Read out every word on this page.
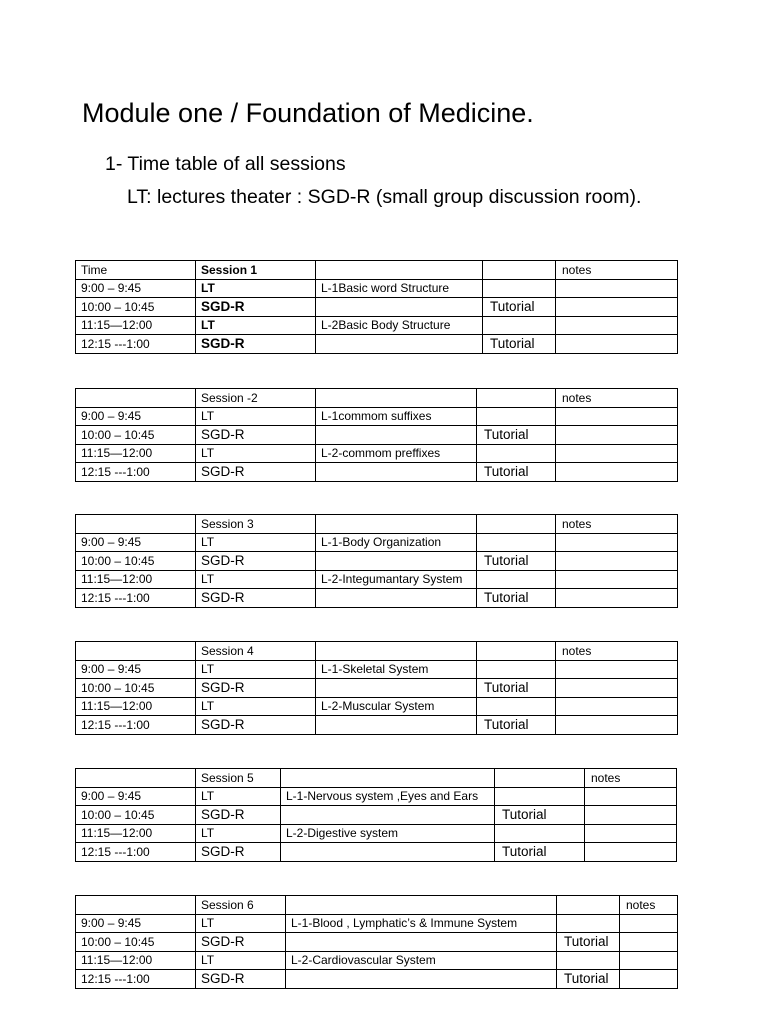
Module one / Foundation of Medicine.
1- Time table of all sessions
LT: lectures theater : SGD-R (small group discussion room).
Time	Session 1			notes
9:00 – 9:45	LT	L-1Basic word Structure		
10:00 – 10:45	SGD-R		Tutorial	
11:15—12:00	LT	L-2Basic Body Structure		
12:15 ---1:00	SGD-R		Tutorial	
	Session -2			notes
9:00 – 9:45	LT	L-1commom suffixes		
10:00 – 10:45	SGD-R		Tutorial	
11:15—12:00	LT	L-2-commom preffixes		
12:15 ---1:00	SGD-R		Tutorial	
	Session 3			notes
9:00 – 9:45	LT	L-1-Body Organization		
10:00 – 10:45	SGD-R		Tutorial	
11:15—12:00	LT	L-2-Integumantary System		
12:15 ---1:00	SGD-R		Tutorial	
	Session 4			notes
9:00 – 9:45	LT	L-1-Skeletal System		
10:00 – 10:45	SGD-R		Tutorial	
11:15—12:00	LT	L-2-Muscular System		
12:15 ---1:00	SGD-R		Tutorial	
	Session 5			notes
9:00 – 9:45	LT	L-1-Nervous system ,Eyes and Ears		
10:00 – 10:45	SGD-R		Tutorial	
11:15—12:00	LT	L-2-Digestive system		
12:15 ---1:00	SGD-R		Tutorial	
	Session 6			notes
9:00 – 9:45	LT	L-1-Blood , Lymphatic’s & Immune System		
10:00 – 10:45	SGD-R		Tutorial	
11:15—12:00	LT	L-2-Cardiovascular System		
12:15 ---1:00	SGD-R		Tutorial	
